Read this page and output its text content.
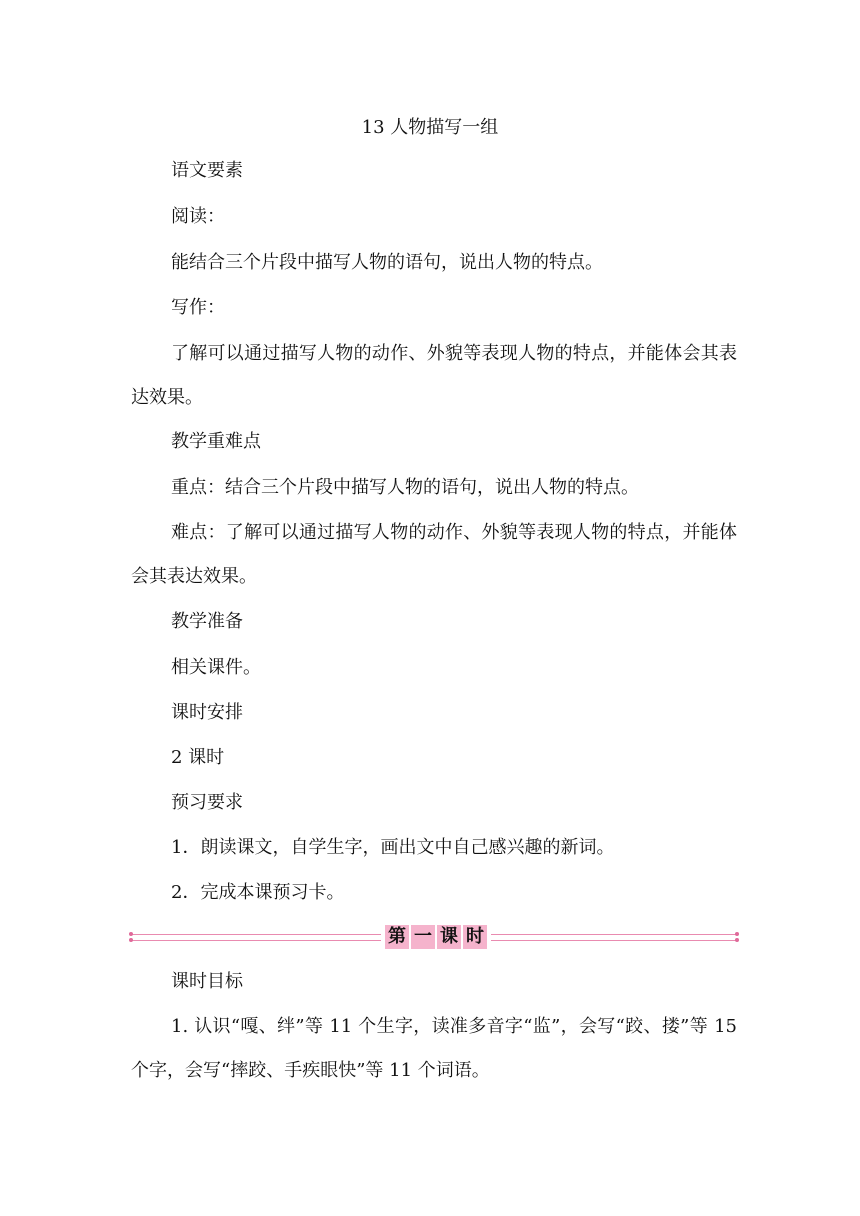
13 人物描写一组

语文要素

阅读：

能结合三个片段中描写人物的语句，说出人物的特点。

写作：

了解可以通过描写人物的动作、外貌等表现人物的特点，并能体会其表达效果。

教学重难点

重点：结合三个片段中描写人物的语句，说出人物的特点。

难点：了解可以通过描写人物的动作、外貌等表现人物的特点，并能体会其表达效果。

教学准备

相关课件。

课时安排

2 课时

预习要求

1．朗读课文，自学生字，画出文中自己感兴趣的新词。

2．完成本课预习卡。

第 一 课 时

课时目标

1. 认识“嘎、绊”等 11 个生字，读准多音字“监”，会写“跤、搂”等 15 个字，会写“摔跤、手疾眼快”等 11 个词语。
